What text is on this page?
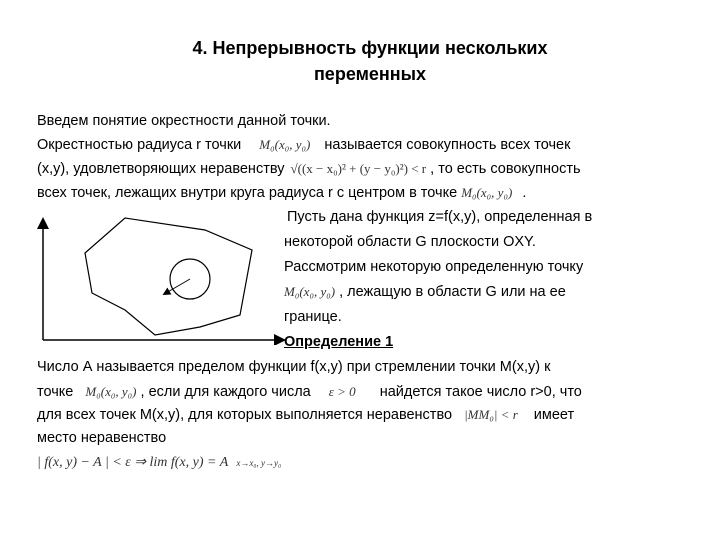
4. Непрерывность функции нескольких
переменных
Введем понятие окрестности данной точки.
Окрестностью радиуса r точки M₀(x₀, y₀) называется совокупность всех точек
(x,y), удовлетворяющих неравенству √((x − x₀)² + (y − y₀)²) < r , то есть совокупность
всех точек, лежащих внутри круга радиуса r с центром в точке M₀(x₀, y₀) .
Пусть дана функция z=f(x,y), определенная в
некоторой области G плоскости OXY.
Рассмотрим некоторую определенную точку
M₀(x₀, y₀) , лежащую в области G или на ее
границе.
Определение 1
Число А называется пределом функции f(x,y) при стремлении точки M(x,y) к
точке M₀(x₀, y₀) , если для каждого числа ε > 0 найдется такое число r>0, что
для всех точек M(x,y), для которых выполняется неравенство |MM₀| < r имеет
место неравенство
| f(x, y) − A | < ε ⇒ lim f(x, y) = A x→x₀, y→y₀
